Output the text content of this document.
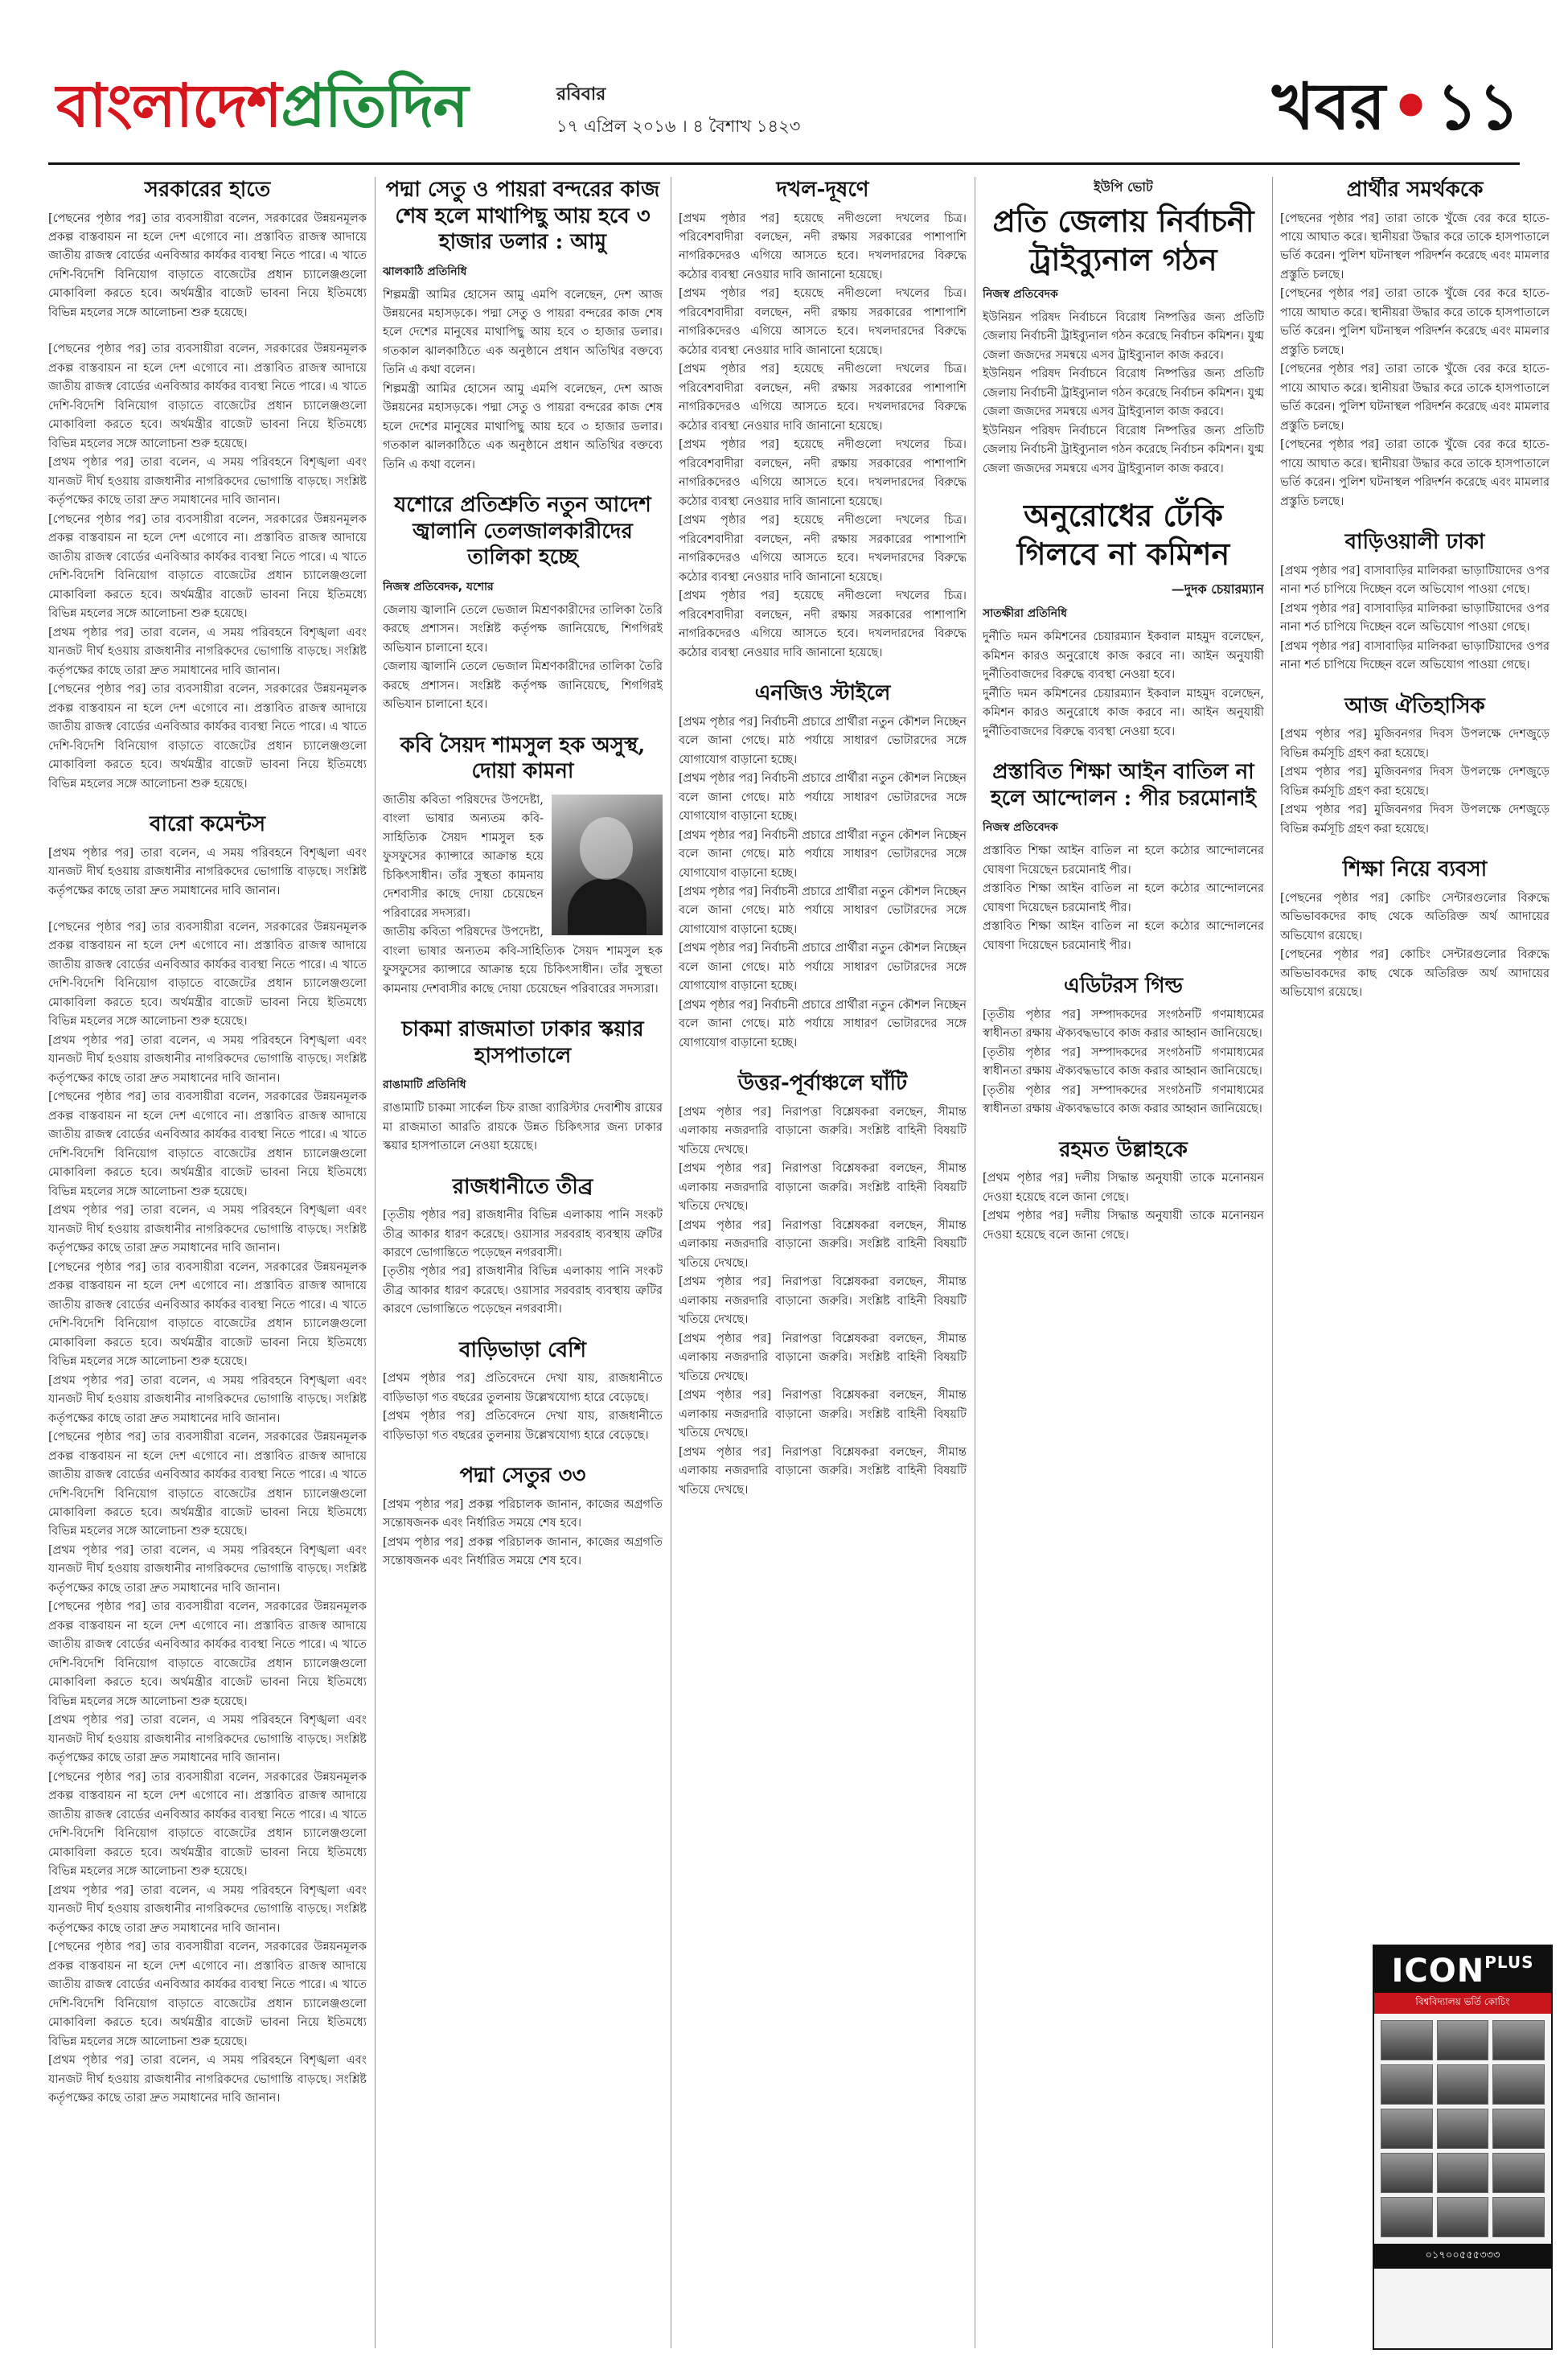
বাংলাদেশপ্রতিদিন	রবিবার
১৭ এপ্রিল ২০১৬ । ৪ বৈশাখ ১৪২৩	খবর•১১
সরকারের হাতে

[পেছনের পৃষ্ঠার পর] তার ব্যবসায়ীরা বলেন, সরকারের উন্নয়নমূলক প্রকল্প বাস্তবায়ন না হলে দেশ এগোবে না। প্রস্তাবিত রাজস্ব আদায়ে জাতীয় রাজস্ব বোর্ডের এনবিআর কার্যকর ব্যবস্থা নিতে পারে। এ খাতে দেশি-বিদেশি বিনিয়োগ বাড়াতে বাজেটের প্রধান চ্যালেঞ্জগুলো মোকাবিলা করতে হবে। অর্থমন্ত্রীর বাজেট ভাবনা নিয়ে ইতিমধ্যে বিভিন্ন মহলের সঙ্গে আলোচনা শুরু হয়েছে।

[পেছনের পৃষ্ঠার পর] তার ব্যবসায়ীরা বলেন, সরকারের উন্নয়নমূলক প্রকল্প বাস্তবায়ন না হলে দেশ এগোবে না। প্রস্তাবিত রাজস্ব আদায়ে জাতীয় রাজস্ব বোর্ডের এনবিআর কার্যকর ব্যবস্থা নিতে পারে। এ খাতে দেশি-বিদেশি বিনিয়োগ বাড়াতে বাজেটের প্রধান চ্যালেঞ্জগুলো মোকাবিলা করতে হবে। অর্থমন্ত্রীর বাজেট ভাবনা নিয়ে ইতিমধ্যে বিভিন্ন মহলের সঙ্গে আলোচনা শুরু হয়েছে।

[প্রথম পৃষ্ঠার পর] তারা বলেন, এ সময় পরিবহনে বিশৃঙ্খলা এবং যানজট দীর্ঘ হওয়ায় রাজধানীর নাগরিকদের ভোগান্তি বাড়ছে। সংশ্লিষ্ট কর্তৃপক্ষের কাছে তারা দ্রুত সমাধানের দাবি জানান।

[পেছনের পৃষ্ঠার পর] তার ব্যবসায়ীরা বলেন, সরকারের উন্নয়নমূলক প্রকল্প বাস্তবায়ন না হলে দেশ এগোবে না। প্রস্তাবিত রাজস্ব আদায়ে জাতীয় রাজস্ব বোর্ডের এনবিআর কার্যকর ব্যবস্থা নিতে পারে। এ খাতে দেশি-বিদেশি বিনিয়োগ বাড়াতে বাজেটের প্রধান চ্যালেঞ্জগুলো মোকাবিলা করতে হবে। অর্থমন্ত্রীর বাজেট ভাবনা নিয়ে ইতিমধ্যে বিভিন্ন মহলের সঙ্গে আলোচনা শুরু হয়েছে।

[প্রথম পৃষ্ঠার পর] তারা বলেন, এ সময় পরিবহনে বিশৃঙ্খলা এবং যানজট দীর্ঘ হওয়ায় রাজধানীর নাগরিকদের ভোগান্তি বাড়ছে। সংশ্লিষ্ট কর্তৃপক্ষের কাছে তারা দ্রুত সমাধানের দাবি জানান।

[পেছনের পৃষ্ঠার পর] তার ব্যবসায়ীরা বলেন, সরকারের উন্নয়নমূলক প্রকল্প বাস্তবায়ন না হলে দেশ এগোবে না। প্রস্তাবিত রাজস্ব আদায়ে জাতীয় রাজস্ব বোর্ডের এনবিআর কার্যকর ব্যবস্থা নিতে পারে। এ খাতে দেশি-বিদেশি বিনিয়োগ বাড়াতে বাজেটের প্রধান চ্যালেঞ্জগুলো মোকাবিলা করতে হবে। অর্থমন্ত্রীর বাজেট ভাবনা নিয়ে ইতিমধ্যে বিভিন্ন মহলের সঙ্গে আলোচনা শুরু হয়েছে।

বারো কমেন্টস

[প্রথম পৃষ্ঠার পর] তারা বলেন, এ সময় পরিবহনে বিশৃঙ্খলা এবং যানজট দীর্ঘ হওয়ায় রাজধানীর নাগরিকদের ভোগান্তি বাড়ছে। সংশ্লিষ্ট কর্তৃপক্ষের কাছে তারা দ্রুত সমাধানের দাবি জানান।

[পেছনের পৃষ্ঠার পর] তার ব্যবসায়ীরা বলেন, সরকারের উন্নয়নমূলক প্রকল্প বাস্তবায়ন না হলে দেশ এগোবে না। প্রস্তাবিত রাজস্ব আদায়ে জাতীয় রাজস্ব বোর্ডের এনবিআর কার্যকর ব্যবস্থা নিতে পারে। এ খাতে দেশি-বিদেশি বিনিয়োগ বাড়াতে বাজেটের প্রধান চ্যালেঞ্জগুলো মোকাবিলা করতে হবে। অর্থমন্ত্রীর বাজেট ভাবনা নিয়ে ইতিমধ্যে বিভিন্ন মহলের সঙ্গে আলোচনা শুরু হয়েছে।

[প্রথম পৃষ্ঠার পর] তারা বলেন, এ সময় পরিবহনে বিশৃঙ্খলা এবং যানজট দীর্ঘ হওয়ায় রাজধানীর নাগরিকদের ভোগান্তি বাড়ছে। সংশ্লিষ্ট কর্তৃপক্ষের কাছে তারা দ্রুত সমাধানের দাবি জানান।

[পেছনের পৃষ্ঠার পর] তার ব্যবসায়ীরা বলেন, সরকারের উন্নয়নমূলক প্রকল্প বাস্তবায়ন না হলে দেশ এগোবে না। প্রস্তাবিত রাজস্ব আদায়ে জাতীয় রাজস্ব বোর্ডের এনবিআর কার্যকর ব্যবস্থা নিতে পারে। এ খাতে দেশি-বিদেশি বিনিয়োগ বাড়াতে বাজেটের প্রধান চ্যালেঞ্জগুলো মোকাবিলা করতে হবে। অর্থমন্ত্রীর বাজেট ভাবনা নিয়ে ইতিমধ্যে বিভিন্ন মহলের সঙ্গে আলোচনা শুরু হয়েছে।

[প্রথম পৃষ্ঠার পর] তারা বলেন, এ সময় পরিবহনে বিশৃঙ্খলা এবং যানজট দীর্ঘ হওয়ায় রাজধানীর নাগরিকদের ভোগান্তি বাড়ছে। সংশ্লিষ্ট কর্তৃপক্ষের কাছে তারা দ্রুত সমাধানের দাবি জানান।

[পেছনের পৃষ্ঠার পর] তার ব্যবসায়ীরা বলেন, সরকারের উন্নয়নমূলক প্রকল্প বাস্তবায়ন না হলে দেশ এগোবে না। প্রস্তাবিত রাজস্ব আদায়ে জাতীয় রাজস্ব বোর্ডের এনবিআর কার্যকর ব্যবস্থা নিতে পারে। এ খাতে দেশি-বিদেশি বিনিয়োগ বাড়াতে বাজেটের প্রধান চ্যালেঞ্জগুলো মোকাবিলা করতে হবে। অর্থমন্ত্রীর বাজেট ভাবনা নিয়ে ইতিমধ্যে বিভিন্ন মহলের সঙ্গে আলোচনা শুরু হয়েছে।

[প্রথম পৃষ্ঠার পর] তারা বলেন, এ সময় পরিবহনে বিশৃঙ্খলা এবং যানজট দীর্ঘ হওয়ায় রাজধানীর নাগরিকদের ভোগান্তি বাড়ছে। সংশ্লিষ্ট কর্তৃপক্ষের কাছে তারা দ্রুত সমাধানের দাবি জানান।

[পেছনের পৃষ্ঠার পর] তার ব্যবসায়ীরা বলেন, সরকারের উন্নয়নমূলক প্রকল্প বাস্তবায়ন না হলে দেশ এগোবে না। প্রস্তাবিত রাজস্ব আদায়ে জাতীয় রাজস্ব বোর্ডের এনবিআর কার্যকর ব্যবস্থা নিতে পারে। এ খাতে দেশি-বিদেশি বিনিয়োগ বাড়াতে বাজেটের প্রধান চ্যালেঞ্জগুলো মোকাবিলা করতে হবে। অর্থমন্ত্রীর বাজেট ভাবনা নিয়ে ইতিমধ্যে বিভিন্ন মহলের সঙ্গে আলোচনা শুরু হয়েছে।

[প্রথম পৃষ্ঠার পর] তারা বলেন, এ সময় পরিবহনে বিশৃঙ্খলা এবং যানজট দীর্ঘ হওয়ায় রাজধানীর নাগরিকদের ভোগান্তি বাড়ছে। সংশ্লিষ্ট কর্তৃপক্ষের কাছে তারা দ্রুত সমাধানের দাবি জানান।

[পেছনের পৃষ্ঠার পর] তার ব্যবসায়ীরা বলেন, সরকারের উন্নয়নমূলক প্রকল্প বাস্তবায়ন না হলে দেশ এগোবে না। প্রস্তাবিত রাজস্ব আদায়ে জাতীয় রাজস্ব বোর্ডের এনবিআর কার্যকর ব্যবস্থা নিতে পারে। এ খাতে দেশি-বিদেশি বিনিয়োগ বাড়াতে বাজেটের প্রধান চ্যালেঞ্জগুলো মোকাবিলা করতে হবে। অর্থমন্ত্রীর বাজেট ভাবনা নিয়ে ইতিমধ্যে বিভিন্ন মহলের সঙ্গে আলোচনা শুরু হয়েছে।

[প্রথম পৃষ্ঠার পর] তারা বলেন, এ সময় পরিবহনে বিশৃঙ্খলা এবং যানজট দীর্ঘ হওয়ায় রাজধানীর নাগরিকদের ভোগান্তি বাড়ছে। সংশ্লিষ্ট কর্তৃপক্ষের কাছে তারা দ্রুত সমাধানের দাবি জানান।

[পেছনের পৃষ্ঠার পর] তার ব্যবসায়ীরা বলেন, সরকারের উন্নয়নমূলক প্রকল্প বাস্তবায়ন না হলে দেশ এগোবে না। প্রস্তাবিত রাজস্ব আদায়ে জাতীয় রাজস্ব বোর্ডের এনবিআর কার্যকর ব্যবস্থা নিতে পারে। এ খাতে দেশি-বিদেশি বিনিয়োগ বাড়াতে বাজেটের প্রধান চ্যালেঞ্জগুলো মোকাবিলা করতে হবে। অর্থমন্ত্রীর বাজেট ভাবনা নিয়ে ইতিমধ্যে বিভিন্ন মহলের সঙ্গে আলোচনা শুরু হয়েছে।

[প্রথম পৃষ্ঠার পর] তারা বলেন, এ সময় পরিবহনে বিশৃঙ্খলা এবং যানজট দীর্ঘ হওয়ায় রাজধানীর নাগরিকদের ভোগান্তি বাড়ছে। সংশ্লিষ্ট কর্তৃপক্ষের কাছে তারা দ্রুত সমাধানের দাবি জানান।

[পেছনের পৃষ্ঠার পর] তার ব্যবসায়ীরা বলেন, সরকারের উন্নয়নমূলক প্রকল্প বাস্তবায়ন না হলে দেশ এগোবে না। প্রস্তাবিত রাজস্ব আদায়ে জাতীয় রাজস্ব বোর্ডের এনবিআর কার্যকর ব্যবস্থা নিতে পারে। এ খাতে দেশি-বিদেশি বিনিয়োগ বাড়াতে বাজেটের প্রধান চ্যালেঞ্জগুলো মোকাবিলা করতে হবে। অর্থমন্ত্রীর বাজেট ভাবনা নিয়ে ইতিমধ্যে বিভিন্ন মহলের সঙ্গে আলোচনা শুরু হয়েছে।

[প্রথম পৃষ্ঠার পর] তারা বলেন, এ সময় পরিবহনে বিশৃঙ্খলা এবং যানজট দীর্ঘ হওয়ায় রাজধানীর নাগরিকদের ভোগান্তি বাড়ছে। সংশ্লিষ্ট কর্তৃপক্ষের কাছে তারা দ্রুত সমাধানের দাবি জানান।

পদ্মা সেতু ও পায়রা বন্দরের কাজ শেষ হলে মাথাপিছু আয় হবে ৩ হাজার ডলার : আমু
ঝালকাঠি প্রতিনিধি

শিল্পমন্ত্রী আমির হোসেন আমু এমপি বলেছেন, দেশ আজ উন্নয়নের মহাসড়কে। পদ্মা সেতু ও পায়রা বন্দরের কাজ শেষ হলে দেশের মানুষের মাথাপিছু আয় হবে ৩ হাজার ডলার। গতকাল ঝালকাঠিতে এক অনুষ্ঠানে প্রধান অতিথির বক্তব্যে তিনি এ কথা বলেন।

শিল্পমন্ত্রী আমির হোসেন আমু এমপি বলেছেন, দেশ আজ উন্নয়নের মহাসড়কে। পদ্মা সেতু ও পায়রা বন্দরের কাজ শেষ হলে দেশের মানুষের মাথাপিছু আয় হবে ৩ হাজার ডলার। গতকাল ঝালকাঠিতে এক অনুষ্ঠানে প্রধান অতিথির বক্তব্যে তিনি এ কথা বলেন।

যশোরে প্রতিশ্রুতি নতুন আদেশ জ্বালানি তেলজালকারীদের তালিকা হচ্ছে
নিজস্ব প্রতিবেদক, যশোর

জেলায় জ্বালানি তেলে ভেজাল মিশ্রণকারীদের তালিকা তৈরি করছে প্রশাসন। সংশ্লিষ্ট কর্তৃপক্ষ জানিয়েছে, শিগগিরই অভিযান চালানো হবে।

জেলায় জ্বালানি তেলে ভেজাল মিশ্রণকারীদের তালিকা তৈরি করছে প্রশাসন। সংশ্লিষ্ট কর্তৃপক্ষ জানিয়েছে, শিগগিরই অভিযান চালানো হবে।

কবি সৈয়দ শামসুল হক অসুস্থ, দোয়া কামনা

জাতীয় কবিতা পরিষদের উপদেষ্টা, বাংলা ভাষার অন্যতম কবি-সাহিত্যিক সৈয়দ শামসুল হক ফুসফুসের ক্যান্সারে আক্রান্ত হয়ে চিকিৎসাধীন। তাঁর সুস্থতা কামনায় দেশবাসীর কাছে দোয়া চেয়েছেন পরিবারের সদস্যরা।

জাতীয় কবিতা পরিষদের উপদেষ্টা, বাংলা ভাষার অন্যতম কবি-সাহিত্যিক সৈয়দ শামসুল হক ফুসফুসের ক্যান্সারে আক্রান্ত হয়ে চিকিৎসাধীন। তাঁর সুস্থতা কামনায় দেশবাসীর কাছে দোয়া চেয়েছেন পরিবারের সদস্যরা।

চাকমা রাজমাতা ঢাকার স্কয়ার হাসপাতালে
রাঙামাটি প্রতিনিধি

রাঙামাটি চাকমা সার্কেল চিফ রাজা ব্যারিস্টার দেবাশীষ রায়ের মা রাজমাতা আরতি রায়কে উন্নত চিকিৎসার জন্য ঢাকার স্কয়ার হাসপাতালে নেওয়া হয়েছে।

রাজধানীতে তীব্র

[তৃতীয় পৃষ্ঠার পর] রাজধানীর বিভিন্ন এলাকায় পানি সংকট তীব্র আকার ধারণ করেছে। ওয়াসার সরবরাহ ব্যবস্থায় ত্রুটির কারণে ভোগান্তিতে পড়েছেন নগরবাসী।

[তৃতীয় পৃষ্ঠার পর] রাজধানীর বিভিন্ন এলাকায় পানি সংকট তীব্র আকার ধারণ করেছে। ওয়াসার সরবরাহ ব্যবস্থায় ত্রুটির কারণে ভোগান্তিতে পড়েছেন নগরবাসী।

বাড়িভাড়া বেশি

[প্রথম পৃষ্ঠার পর] প্রতিবেদনে দেখা যায়, রাজধানীতে বাড়িভাড়া গত বছরের তুলনায় উল্লেখযোগ্য হারে বেড়েছে।

[প্রথম পৃষ্ঠার পর] প্রতিবেদনে দেখা যায়, রাজধানীতে বাড়িভাড়া গত বছরের তুলনায় উল্লেখযোগ্য হারে বেড়েছে।

পদ্মা সেতুর ৩৩

[প্রথম পৃষ্ঠার পর] প্রকল্প পরিচালক জানান, কাজের অগ্রগতি সন্তোষজনক এবং নির্ধারিত সময়ে শেষ হবে।

[প্রথম পৃষ্ঠার পর] প্রকল্প পরিচালক জানান, কাজের অগ্রগতি সন্তোষজনক এবং নির্ধারিত সময়ে শেষ হবে।

দখল-দূষণে

[প্রথম পৃষ্ঠার পর] হয়েছে নদীগুলো দখলের চিত্র। পরিবেশবাদীরা বলছেন, নদী রক্ষায় সরকারের পাশাপাশি নাগরিকদেরও এগিয়ে আসতে হবে। দখলদারদের বিরুদ্ধে কঠোর ব্যবস্থা নেওয়ার দাবি জানানো হয়েছে।

[প্রথম পৃষ্ঠার পর] হয়েছে নদীগুলো দখলের চিত্র। পরিবেশবাদীরা বলছেন, নদী রক্ষায় সরকারের পাশাপাশি নাগরিকদেরও এগিয়ে আসতে হবে। দখলদারদের বিরুদ্ধে কঠোর ব্যবস্থা নেওয়ার দাবি জানানো হয়েছে।

[প্রথম পৃষ্ঠার পর] হয়েছে নদীগুলো দখলের চিত্র। পরিবেশবাদীরা বলছেন, নদী রক্ষায় সরকারের পাশাপাশি নাগরিকদেরও এগিয়ে আসতে হবে। দখলদারদের বিরুদ্ধে কঠোর ব্যবস্থা নেওয়ার দাবি জানানো হয়েছে।

[প্রথম পৃষ্ঠার পর] হয়েছে নদীগুলো দখলের চিত্র। পরিবেশবাদীরা বলছেন, নদী রক্ষায় সরকারের পাশাপাশি নাগরিকদেরও এগিয়ে আসতে হবে। দখলদারদের বিরুদ্ধে কঠোর ব্যবস্থা নেওয়ার দাবি জানানো হয়েছে।

[প্রথম পৃষ্ঠার পর] হয়েছে নদীগুলো দখলের চিত্র। পরিবেশবাদীরা বলছেন, নদী রক্ষায় সরকারের পাশাপাশি নাগরিকদেরও এগিয়ে আসতে হবে। দখলদারদের বিরুদ্ধে কঠোর ব্যবস্থা নেওয়ার দাবি জানানো হয়েছে।

[প্রথম পৃষ্ঠার পর] হয়েছে নদীগুলো দখলের চিত্র। পরিবেশবাদীরা বলছেন, নদী রক্ষায় সরকারের পাশাপাশি নাগরিকদেরও এগিয়ে আসতে হবে। দখলদারদের বিরুদ্ধে কঠোর ব্যবস্থা নেওয়ার দাবি জানানো হয়েছে।

এনজিও স্টাইলে

[প্রথম পৃষ্ঠার পর] নির্বাচনী প্রচারে প্রার্থীরা নতুন কৌশল নিচ্ছেন বলে জানা গেছে। মাঠ পর্যায়ে সাধারণ ভোটারদের সঙ্গে যোগাযোগ বাড়ানো হচ্ছে।

[প্রথম পৃষ্ঠার পর] নির্বাচনী প্রচারে প্রার্থীরা নতুন কৌশল নিচ্ছেন বলে জানা গেছে। মাঠ পর্যায়ে সাধারণ ভোটারদের সঙ্গে যোগাযোগ বাড়ানো হচ্ছে।

[প্রথম পৃষ্ঠার পর] নির্বাচনী প্রচারে প্রার্থীরা নতুন কৌশল নিচ্ছেন বলে জানা গেছে। মাঠ পর্যায়ে সাধারণ ভোটারদের সঙ্গে যোগাযোগ বাড়ানো হচ্ছে।

[প্রথম পৃষ্ঠার পর] নির্বাচনী প্রচারে প্রার্থীরা নতুন কৌশল নিচ্ছেন বলে জানা গেছে। মাঠ পর্যায়ে সাধারণ ভোটারদের সঙ্গে যোগাযোগ বাড়ানো হচ্ছে।

[প্রথম পৃষ্ঠার পর] নির্বাচনী প্রচারে প্রার্থীরা নতুন কৌশল নিচ্ছেন বলে জানা গেছে। মাঠ পর্যায়ে সাধারণ ভোটারদের সঙ্গে যোগাযোগ বাড়ানো হচ্ছে।

[প্রথম পৃষ্ঠার পর] নির্বাচনী প্রচারে প্রার্থীরা নতুন কৌশল নিচ্ছেন বলে জানা গেছে। মাঠ পর্যায়ে সাধারণ ভোটারদের সঙ্গে যোগাযোগ বাড়ানো হচ্ছে।

উত্তর-পূর্বাঞ্চলে ঘাঁটি

[প্রথম পৃষ্ঠার পর] নিরাপত্তা বিশ্লেষকরা বলছেন, সীমান্ত এলাকায় নজরদারি বাড়ানো জরুরি। সংশ্লিষ্ট বাহিনী বিষয়টি খতিয়ে দেখছে।

[প্রথম পৃষ্ঠার পর] নিরাপত্তা বিশ্লেষকরা বলছেন, সীমান্ত এলাকায় নজরদারি বাড়ানো জরুরি। সংশ্লিষ্ট বাহিনী বিষয়টি খতিয়ে দেখছে।

[প্রথম পৃষ্ঠার পর] নিরাপত্তা বিশ্লেষকরা বলছেন, সীমান্ত এলাকায় নজরদারি বাড়ানো জরুরি। সংশ্লিষ্ট বাহিনী বিষয়টি খতিয়ে দেখছে।

[প্রথম পৃষ্ঠার পর] নিরাপত্তা বিশ্লেষকরা বলছেন, সীমান্ত এলাকায় নজরদারি বাড়ানো জরুরি। সংশ্লিষ্ট বাহিনী বিষয়টি খতিয়ে দেখছে।

[প্রথম পৃষ্ঠার পর] নিরাপত্তা বিশ্লেষকরা বলছেন, সীমান্ত এলাকায় নজরদারি বাড়ানো জরুরি। সংশ্লিষ্ট বাহিনী বিষয়টি খতিয়ে দেখছে।

[প্রথম পৃষ্ঠার পর] নিরাপত্তা বিশ্লেষকরা বলছেন, সীমান্ত এলাকায় নজরদারি বাড়ানো জরুরি। সংশ্লিষ্ট বাহিনী বিষয়টি খতিয়ে দেখছে।

[প্রথম পৃষ্ঠার পর] নিরাপত্তা বিশ্লেষকরা বলছেন, সীমান্ত এলাকায় নজরদারি বাড়ানো জরুরি। সংশ্লিষ্ট বাহিনী বিষয়টি খতিয়ে দেখছে।

ইউপি ভোট
প্রতি জেলায় নির্বাচনী ট্রাইব্যুনাল গঠন
নিজস্ব প্রতিবেদক

ইউনিয়ন পরিষদ নির্বাচনে বিরোধ নিষ্পত্তির জন্য প্রতিটি জেলায় নির্বাচনী ট্রাইব্যুনাল গঠন করেছে নির্বাচন কমিশন। যুগ্ম জেলা জজদের সমন্বয়ে এসব ট্রাইব্যুনাল কাজ করবে।

ইউনিয়ন পরিষদ নির্বাচনে বিরোধ নিষ্পত্তির জন্য প্রতিটি জেলায় নির্বাচনী ট্রাইব্যুনাল গঠন করেছে নির্বাচন কমিশন। যুগ্ম জেলা জজদের সমন্বয়ে এসব ট্রাইব্যুনাল কাজ করবে।

ইউনিয়ন পরিষদ নির্বাচনে বিরোধ নিষ্পত্তির জন্য প্রতিটি জেলায় নির্বাচনী ট্রাইব্যুনাল গঠন করেছে নির্বাচন কমিশন। যুগ্ম জেলা জজদের সমন্বয়ে এসব ট্রাইব্যুনাল কাজ করবে।

অনুরোধের ঢেঁকি গিলবে না কমিশন
—দুদক চেয়ারম্যান
সাতক্ষীরা প্রতিনিধি

দুর্নীতি দমন কমিশনের চেয়ারম্যান ইকবাল মাহমুদ বলেছেন, কমিশন কারও অনুরোধে কাজ করবে না। আইন অনুযায়ী দুর্নীতিবাজদের বিরুদ্ধে ব্যবস্থা নেওয়া হবে।

দুর্নীতি দমন কমিশনের চেয়ারম্যান ইকবাল মাহমুদ বলেছেন, কমিশন কারও অনুরোধে কাজ করবে না। আইন অনুযায়ী দুর্নীতিবাজদের বিরুদ্ধে ব্যবস্থা নেওয়া হবে।

প্রস্তাবিত শিক্ষা আইন বাতিল না হলে আন্দোলন : পীর চরমোনাই
নিজস্ব প্রতিবেদক

প্রস্তাবিত শিক্ষা আইন বাতিল না হলে কঠোর আন্দোলনের ঘোষণা দিয়েছেন চরমোনাই পীর।

প্রস্তাবিত শিক্ষা আইন বাতিল না হলে কঠোর আন্দোলনের ঘোষণা দিয়েছেন চরমোনাই পীর।

প্রস্তাবিত শিক্ষা আইন বাতিল না হলে কঠোর আন্দোলনের ঘোষণা দিয়েছেন চরমোনাই পীর।

এডিটরস গিল্ড

[তৃতীয় পৃষ্ঠার পর] সম্পাদকদের সংগঠনটি গণমাধ্যমের স্বাধীনতা রক্ষায় ঐক্যবদ্ধভাবে কাজ করার আহ্বান জানিয়েছে।

[তৃতীয় পৃষ্ঠার পর] সম্পাদকদের সংগঠনটি গণমাধ্যমের স্বাধীনতা রক্ষায় ঐক্যবদ্ধভাবে কাজ করার আহ্বান জানিয়েছে।

[তৃতীয় পৃষ্ঠার পর] সম্পাদকদের সংগঠনটি গণমাধ্যমের স্বাধীনতা রক্ষায় ঐক্যবদ্ধভাবে কাজ করার আহ্বান জানিয়েছে।

রহমত উল্লাহকে

[প্রথম পৃষ্ঠার পর] দলীয় সিদ্ধান্ত অনুযায়ী তাকে মনোনয়ন দেওয়া হয়েছে বলে জানা গেছে।

[প্রথম পৃষ্ঠার পর] দলীয় সিদ্ধান্ত অনুযায়ী তাকে মনোনয়ন দেওয়া হয়েছে বলে জানা গেছে।

প্রার্থীর সমর্থককে

[পেছনের পৃষ্ঠার পর] তারা তাকে খুঁজে বের করে হাতে-পায়ে আঘাত করে। স্থানীয়রা উদ্ধার করে তাকে হাসপাতালে ভর্তি করেন। পুলিশ ঘটনাস্থল পরিদর্শন করেছে এবং মামলার প্রস্তুতি চলছে।

[পেছনের পৃষ্ঠার পর] তারা তাকে খুঁজে বের করে হাতে-পায়ে আঘাত করে। স্থানীয়রা উদ্ধার করে তাকে হাসপাতালে ভর্তি করেন। পুলিশ ঘটনাস্থল পরিদর্শন করেছে এবং মামলার প্রস্তুতি চলছে।

[পেছনের পৃষ্ঠার পর] তারা তাকে খুঁজে বের করে হাতে-পায়ে আঘাত করে। স্থানীয়রা উদ্ধার করে তাকে হাসপাতালে ভর্তি করেন। পুলিশ ঘটনাস্থল পরিদর্শন করেছে এবং মামলার প্রস্তুতি চলছে।

[পেছনের পৃষ্ঠার পর] তারা তাকে খুঁজে বের করে হাতে-পায়ে আঘাত করে। স্থানীয়রা উদ্ধার করে তাকে হাসপাতালে ভর্তি করেন। পুলিশ ঘটনাস্থল পরিদর্শন করেছে এবং মামলার প্রস্তুতি চলছে।

বাড়িওয়ালী ঢাকা

[প্রথম পৃষ্ঠার পর] বাসাবাড়ির মালিকরা ভাড়াটিয়াদের ওপর নানা শর্ত চাপিয়ে দিচ্ছেন বলে অভিযোগ পাওয়া গেছে।

[প্রথম পৃষ্ঠার পর] বাসাবাড়ির মালিকরা ভাড়াটিয়াদের ওপর নানা শর্ত চাপিয়ে দিচ্ছেন বলে অভিযোগ পাওয়া গেছে।

[প্রথম পৃষ্ঠার পর] বাসাবাড়ির মালিকরা ভাড়াটিয়াদের ওপর নানা শর্ত চাপিয়ে দিচ্ছেন বলে অভিযোগ পাওয়া গেছে।

আজ ঐতিহাসিক

[প্রথম পৃষ্ঠার পর] মুজিবনগর দিবস উপলক্ষে দেশজুড়ে বিভিন্ন কর্মসূচি গ্রহণ করা হয়েছে।

[প্রথম পৃষ্ঠার পর] মুজিবনগর দিবস উপলক্ষে দেশজুড়ে বিভিন্ন কর্মসূচি গ্রহণ করা হয়েছে।

[প্রথম পৃষ্ঠার পর] মুজিবনগর দিবস উপলক্ষে দেশজুড়ে বিভিন্ন কর্মসূচি গ্রহণ করা হয়েছে।

শিক্ষা নিয়ে ব্যবসা

[পেছনের পৃষ্ঠার পর] কোচিং সেন্টারগুলোর বিরুদ্ধে অভিভাবকদের কাছ থেকে অতিরিক্ত অর্থ আদায়ের অভিযোগ রয়েছে।

[পেছনের পৃষ্ঠার পর] কোচিং সেন্টারগুলোর বিরুদ্ধে অভিভাবকদের কাছ থেকে অতিরিক্ত অর্থ আদায়ের অভিযোগ রয়েছে।

$ICON^{PLUS}$
বিশ্ববিদ্যালয় ভর্তি কোচিং
০১৭০০৫৫৫৩৩৩
